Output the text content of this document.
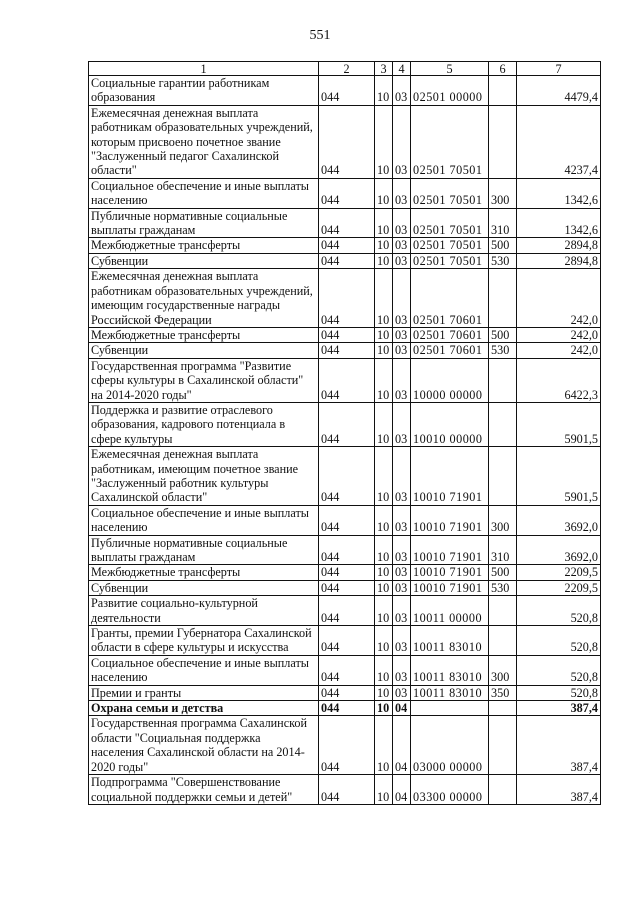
551
1	2	3	4	5	6	7
Социальные гарантии работникам образования	044	10	03	02501 00000		4479,4
Ежемесячная денежная выплата работникам образовательных учреждений, которым присвоено почетное звание "Заслуженный педагог Сахалинской области"	044	10	03	02501 70501		4237,4
Социальное обеспечение и иные выплаты населению	044	10	03	02501 70501	300	1342,6
Публичные нормативные социальные выплаты гражданам	044	10	03	02501 70501	310	1342,6
Межбюджетные трансферты	044	10	03	02501 70501	500	2894,8
Субвенции	044	10	03	02501 70501	530	2894,8
Ежемесячная денежная выплата работникам образовательных учреждений, имеющим государственные награды Российской Федерации	044	10	03	02501 70601		242,0
Межбюджетные трансферты	044	10	03	02501 70601	500	242,0
Субвенции	044	10	03	02501 70601	530	242,0
Государственная программа "Развитие сферы культуры в Сахалинской области" на 2014-2020 годы"	044	10	03	10000 00000		6422,3
Поддержка и развитие отраслевого образования, кадрового потенциала в сфере культуры	044	10	03	10010 00000		5901,5
Ежемесячная денежная выплата работникам, имеющим почетное звание "Заслуженный работник культуры Сахалинской области"	044	10	03	10010 71901		5901,5
Социальное обеспечение и иные выплаты населению	044	10	03	10010 71901	300	3692,0
Публичные нормативные социальные выплаты гражданам	044	10	03	10010 71901	310	3692,0
Межбюджетные трансферты	044	10	03	10010 71901	500	2209,5
Субвенции	044	10	03	10010 71901	530	2209,5
Развитие социально-культурной деятельности	044	10	03	10011 00000		520,8
Гранты, премии Губернатора Сахалинской области в сфере культуры и искусства	044	10	03	10011 83010		520,8
Социальное обеспечение и иные выплаты населению	044	10	03	10011 83010	300	520,8
Премии и гранты	044	10	03	10011 83010	350	520,8
Охрана семьи и детства	044	10	04			387,4
Государственная программа Сахалинской области "Социальная поддержка населения Сахалинской области на 2014-2020 годы"	044	10	04	03000 00000		387,4
Подпрограмма "Совершенствование социальной поддержки семьи и детей"	044	10	04	03300 00000		387,4
